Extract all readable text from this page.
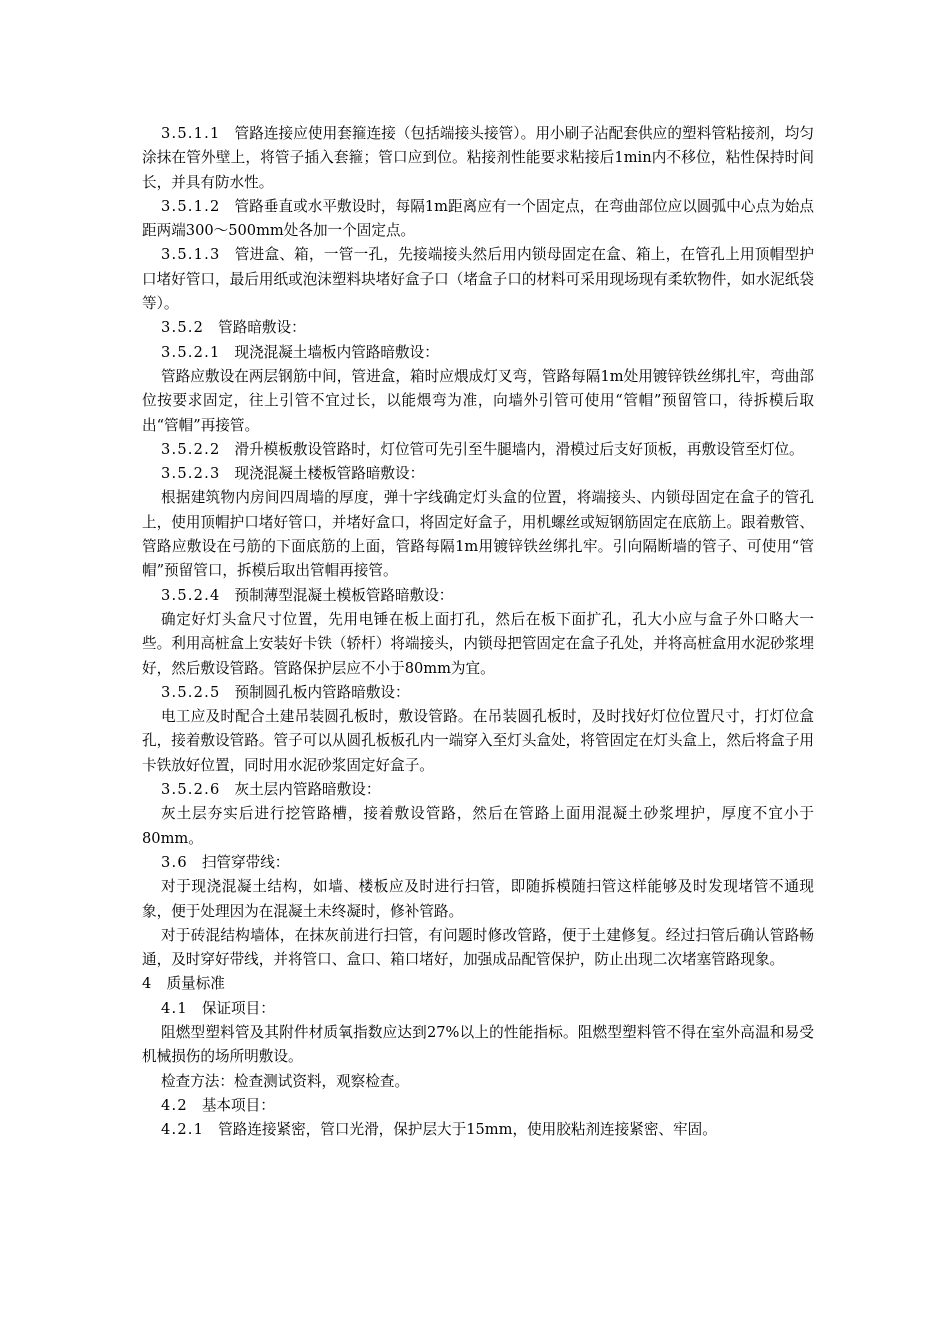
3.5.1.1 管路连接应使用套箍连接（包括端接头接管）。用小刷子沾配套供应的塑料管粘接剂，均匀涂抹在管外壁上，将管子插入套箍；管口应到位。粘接剂性能要求粘接后1min内不移位，粘性保持时间长，并具有防水性。

3.5.1.2 管路垂直或水平敷设时，每隔1m距离应有一个固定点，在弯曲部位应以圆弧中心点为始点距两端300～500mm处各加一个固定点。

3.5.1.3 管进盒、箱，一管一孔，先接端接头然后用内锁母固定在盒、箱上，在管孔上用顶帽型护口堵好管口，最后用纸或泡沫塑料块堵好盒子口（堵盒子口的材料可采用现场现有柔软物件，如水泥纸袋等）。

3.5.2 管路暗敷设：

3.5.2.1 现浇混凝土墙板内管路暗敷设：

管路应敷设在两层钢筋中间，管进盒，箱时应煨成灯叉弯，管路每隔1m处用镀锌铁丝绑扎牢，弯曲部位按要求固定，往上引管不宜过长，以能煨弯为准，向墙外引管可使用“管帽”预留管口，待拆模后取出“管帽”再接管。

3.5.2.2 滑升模板敷设管路时，灯位管可先引至牛腿墙内，滑模过后支好顶板，再敷设管至灯位。

3.5.2.3 现浇混凝土楼板管路暗敷设：

根据建筑物内房间四周墙的厚度，弹十字线确定灯头盒的位置，将端接头、内锁母固定在盒子的管孔上，使用顶帽护口堵好管口，并堵好盒口，将固定好盒子，用机螺丝或短钢筋固定在底筋上。跟着敷管、管路应敷设在弓筋的下面底筋的上面，管路每隔1m用镀锌铁丝绑扎牢。引向隔断墙的管子、可使用“管帽”预留管口，拆模后取出管帽再接管。

3.5.2.4 预制薄型混凝土模板管路暗敷设：

确定好灯头盒尺寸位置，先用电锤在板上面打孔，然后在板下面扩孔，孔大小应与盒子外口略大一些。利用高桩盒上安装好卡铁（轿杆）将端接头，内锁母把管固定在盒子孔处，并将高桩盒用水泥砂浆埋好，然后敷设管路。管路保护层应不小于80mm为宜。

3.5.2.5 预制圆孔板内管路暗敷设：

电工应及时配合土建吊装圆孔板时，敷设管路。在吊装圆孔板时，及时找好灯位位置尺寸，打灯位盒孔，接着敷设管路。管子可以从圆孔板板孔内一端穿入至灯头盒处，将管固定在灯头盒上，然后将盒子用卡铁放好位置，同时用水泥砂浆固定好盒子。

3.5.2.6 灰土层内管路暗敷设：

灰土层夯实后进行挖管路槽，接着敷设管路，然后在管路上面用混凝土砂浆埋护，厚度不宜小于80mm。

3.6 扫管穿带线：

对于现浇混凝土结构，如墙、楼板应及时进行扫管，即随拆模随扫管这样能够及时发现堵管不通现象，便于处理因为在混凝土未终凝时，修补管路。

对于砖混结构墙体，在抹灰前进行扫管，有问题时修改管路，便于土建修复。经过扫管后确认管路畅通，及时穿好带线，并将管口、盒口、箱口堵好，加强成品配管保护，防止出现二次堵塞管路现象。

4 质量标准

4.1 保证项目：

阻燃型塑料管及其附件材质氧指数应达到27%以上的性能指标。阻燃型塑料管不得在室外高温和易受机械损伤的场所明敷设。

检查方法：检查测试资料，观察检查。

4.2 基本项目：

4.2.1 管路连接紧密，管口光滑，保护层大于15mm，使用胶粘剂连接紧密、牢固。
